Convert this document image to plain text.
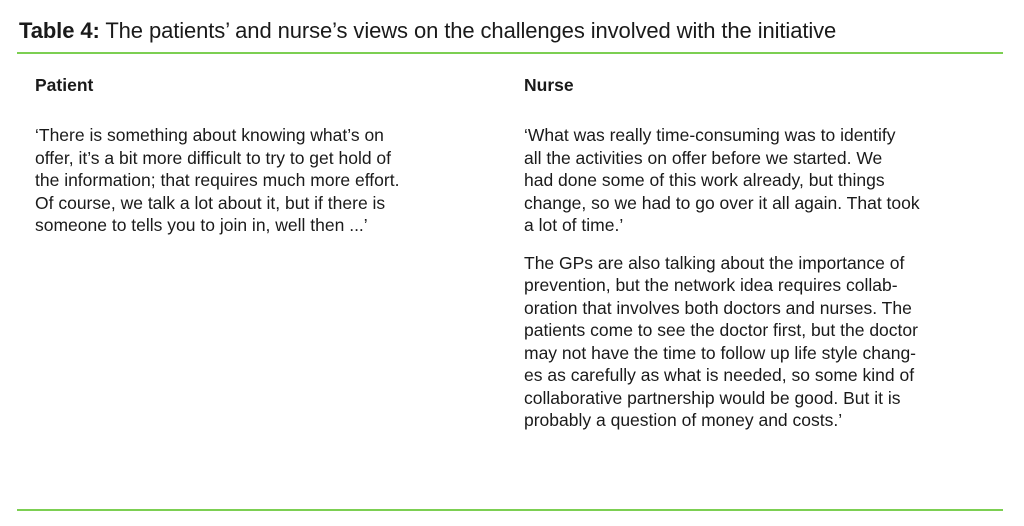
Table 4: The patients’ and nurse’s views on the challenges involved with the initiative
Patient
‘There is something about knowing what’s on
offer, it’s a bit more difficult to try to get hold of
the information; that requires much more effort.
Of course, we talk a lot about it, but if there is
someone to tells you to join in, well then ...’
Nurse
‘What was really time-consuming was to identify
all the activities on offer before we started. We
had done some of this work already, but things
change, so we had to go over it all again. That took
a lot of time.’
The GPs are also talking about the importance of
prevention, but the network idea requires collab-
oration that involves both doctors and nurses. The
patients come to see the doctor first, but the doctor
may not have the time to follow up life style chang-
es as carefully as what is needed, so some kind of
collaborative partnership would be good. But it is
probably a question of money and costs.’
